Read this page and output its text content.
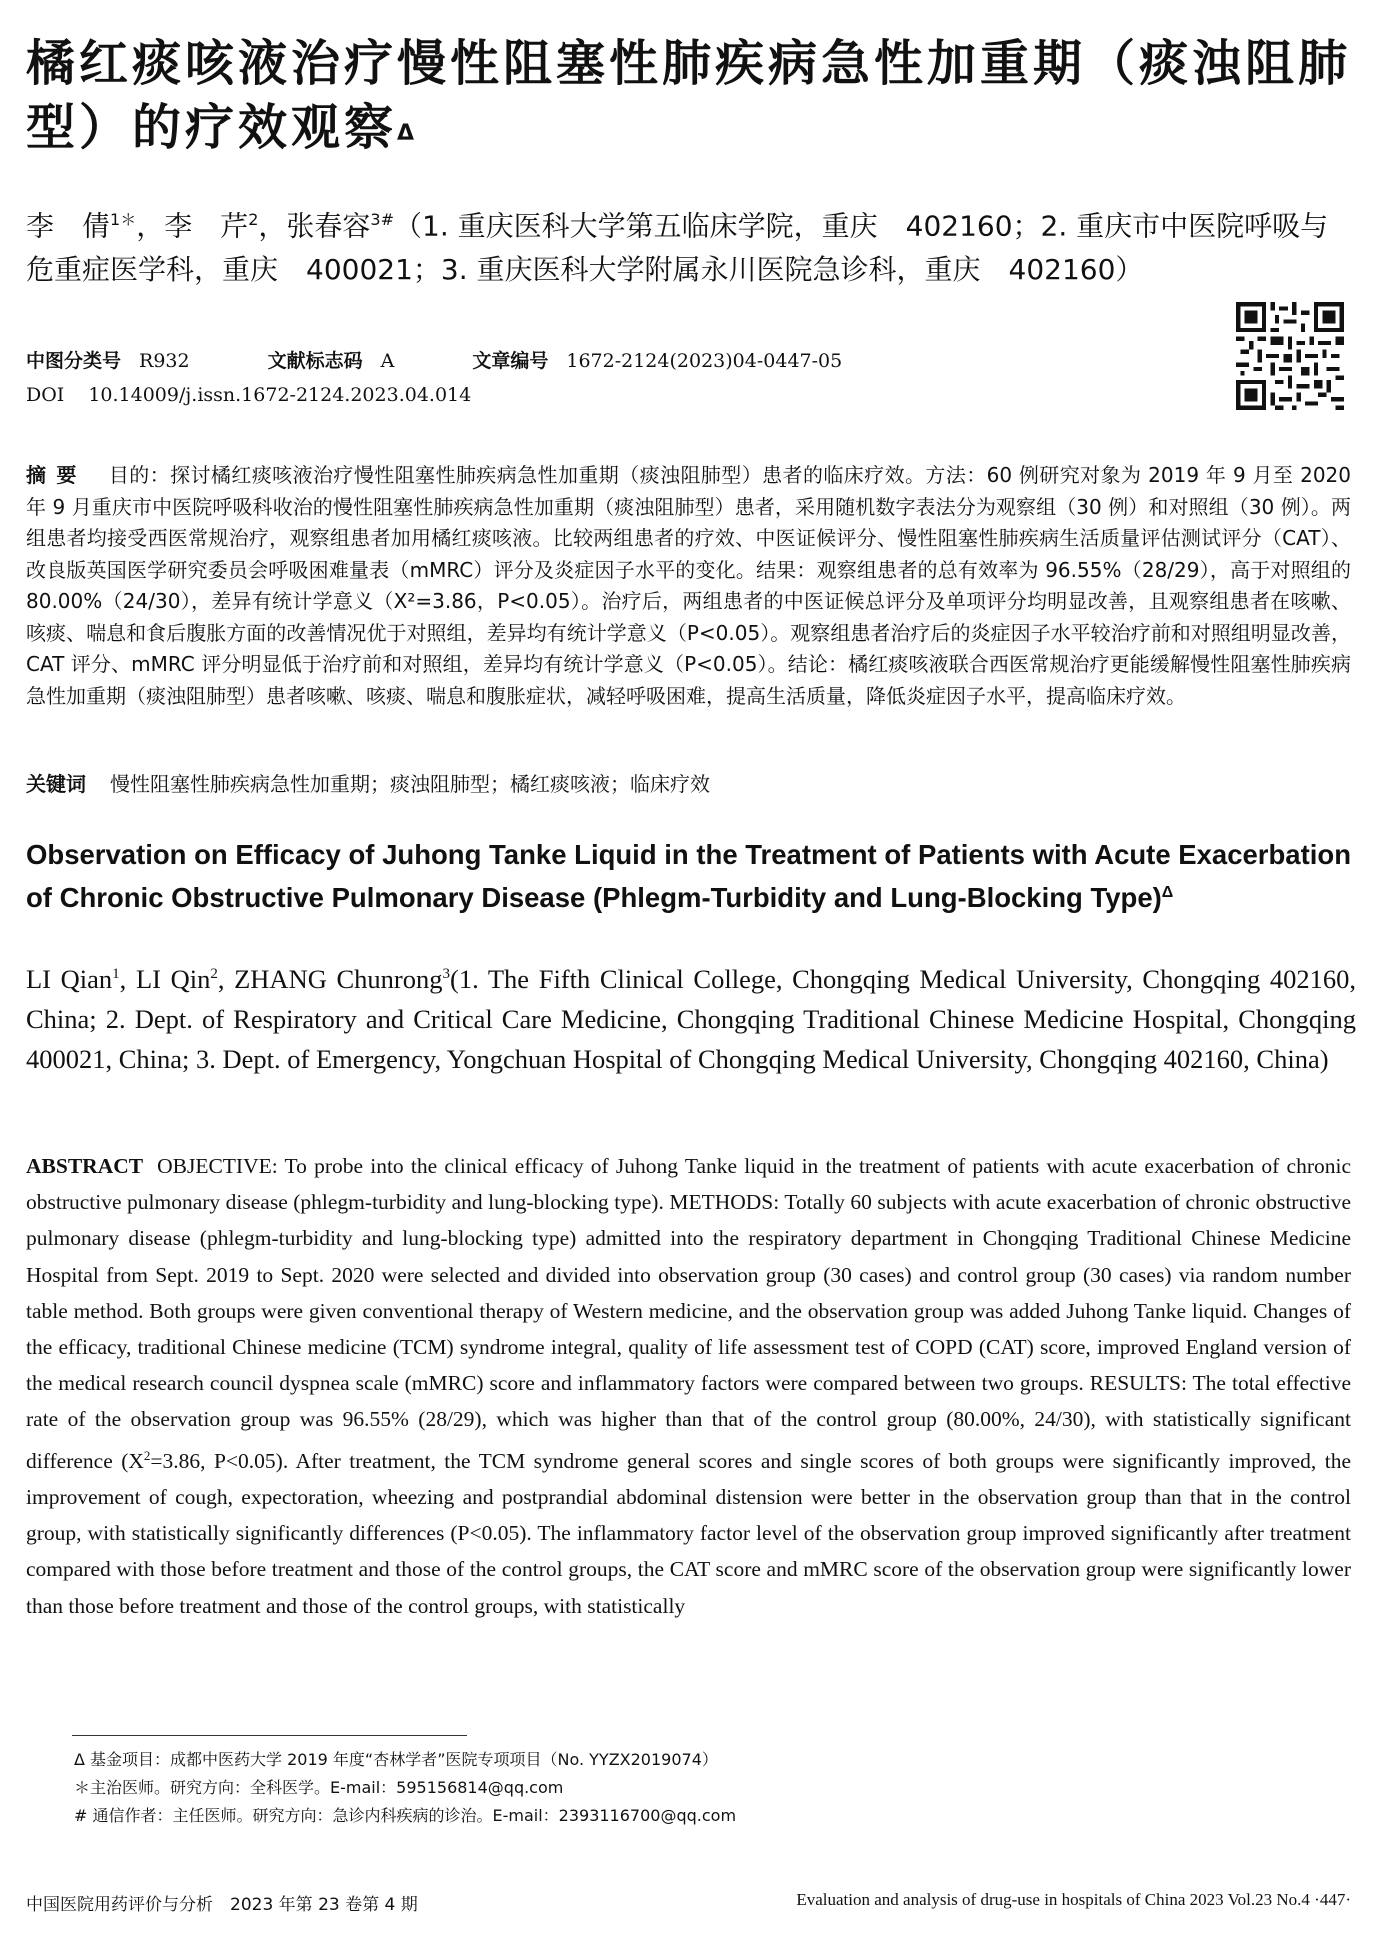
橘红痰咳液治疗慢性阻塞性肺疾病急性加重期（痰浊阻肺型）的疗效观察$^\Delta$
李　倩$^{1*}$，李　芹$^2$，张春容$^{3\#}$（1. 重庆医科大学第五临床学院，重庆　402160；2. 重庆市中医院呼吸与危重症医学科，重庆　400021；3. 重庆医科大学附属永川医院急诊科，重庆　402160）
中图分类号 R932	文献标志码 A	文章编号 1672-2124(2023)04-0447-05
DOI 10.14009/j.issn.1672-2124.2023.04.014
摘要 目的：探讨橘红痰咳液治疗慢性阻塞性肺疾病急性加重期（痰浊阻肺型）患者的临床疗效。方法：60 例研究对象为 2019 年 9 月至 2020 年 9 月重庆市中医院呼吸科收治的慢性阻塞性肺疾病急性加重期（痰浊阻肺型）患者，采用随机数字表法分为观察组（30 例）和对照组（30 例）。两组患者均接受西医常规治疗，观察组患者加用橘红痰咳液。比较两组患者的疗效、中医证候评分、慢性阻塞性肺疾病生活质量评估测试评分（CAT）、改良版英国医学研究委员会呼吸困难量表（mMRC）评分及炎症因子水平的变化。结果：观察组患者的总有效率为 96.55%（28/29），高于对照组的 80.00%（24/30），差异有统计学意义（X²=3.86，P<0.05）。治疗后，两组患者的中医证候总评分及单项评分均明显改善，且观察组患者在咳嗽、咳痰、喘息和食后腹胀方面的改善情况优于对照组，差异均有统计学意义（P<0.05）。观察组患者治疗后的炎症因子水平较治疗前和对照组明显改善，CAT 评分、mMRC 评分明显低于治疗前和对照组，差异均有统计学意义（P<0.05）。结论：橘红痰咳液联合西医常规治疗更能缓解慢性阻塞性肺疾病急性加重期（痰浊阻肺型）患者咳嗽、咳痰、喘息和腹胀症状，减轻呼吸困难，提高生活质量，降低炎症因子水平，提高临床疗效。
关键词 慢性阻塞性肺疾病急性加重期；痰浊阻肺型；橘红痰咳液；临床疗效
Observation on Efficacy of Juhong Tanke Liquid in the Treatment of Patients with Acute Exacerbation of Chronic Obstructive Pulmonary Disease (Phlegm-Turbidity and Lung-Blocking Type)$^\Delta$
LI Qian$^1$, LI Qin$^2$, ZHANG Chunrong$^3$(1. The Fifth Clinical College, Chongqing Medical University, Chongqing 402160, China; 2. Dept. of Respiratory and Critical Care Medicine, Chongqing Traditional Chinese Medicine Hospital, Chongqing 400021, China; 3. Dept. of Emergency, Yongchuan Hospital of Chongqing Medical University, Chongqing 402160, China)
ABSTRACT OBJECTIVE: To probe into the clinical efficacy of Juhong Tanke liquid in the treatment of patients with acute exacerbation of chronic obstructive pulmonary disease (phlegm-turbidity and lung-blocking type). METHODS: Totally 60 subjects with acute exacerbation of chronic obstructive pulmonary disease (phlegm-turbidity and lung-blocking type) admitted into the respiratory department in Chongqing Traditional Chinese Medicine Hospital from Sept. 2019 to Sept. 2020 were selected and divided into observation group (30 cases) and control group (30 cases) via random number table method. Both groups were given conventional therapy of Western medicine, and the observation group was added Juhong Tanke liquid. Changes of the efficacy, traditional Chinese medicine (TCM) syndrome integral, quality of life assessment test of COPD (CAT) score, improved England version of the medical research council dyspnea scale (mMRC) score and inflammatory factors were compared between two groups. RESULTS: The total effective rate of the observation group was 96.55% (28/29), which was higher than that of the control group (80.00%, 24/30), with statistically significant difference ($X^2=3.86$, P<0.05). After treatment, the TCM syndrome general scores and single scores of both groups were significantly improved, the improvement of cough, expectoration, wheezing and postprandial abdominal distension were better in the observation group than that in the control group, with statistically significantly differences (P<0.05). The inflammatory factor level of the observation group improved significantly after treatment compared with those before treatment and those of the control groups, the CAT score and mMRC score of the observation group were significantly lower than those before treatment and those of the control groups, with statistically
Δ 基金项目：成都中医药大学 2019 年度“杏林学者”医院专项项目（No. YYZX2019074）
＊主治医师。研究方向：全科医学。E-mail：595156814@qq.com
# 通信作者：主任医师。研究方向：急诊内科疾病的诊治。E-mail：2393116700@qq.com
中国医院用药评价与分析　2023 年第 23 卷第 4 期	Evaluation and analysis of drug-use in hospitals of China 2023 Vol.23 No.4 ·447·
